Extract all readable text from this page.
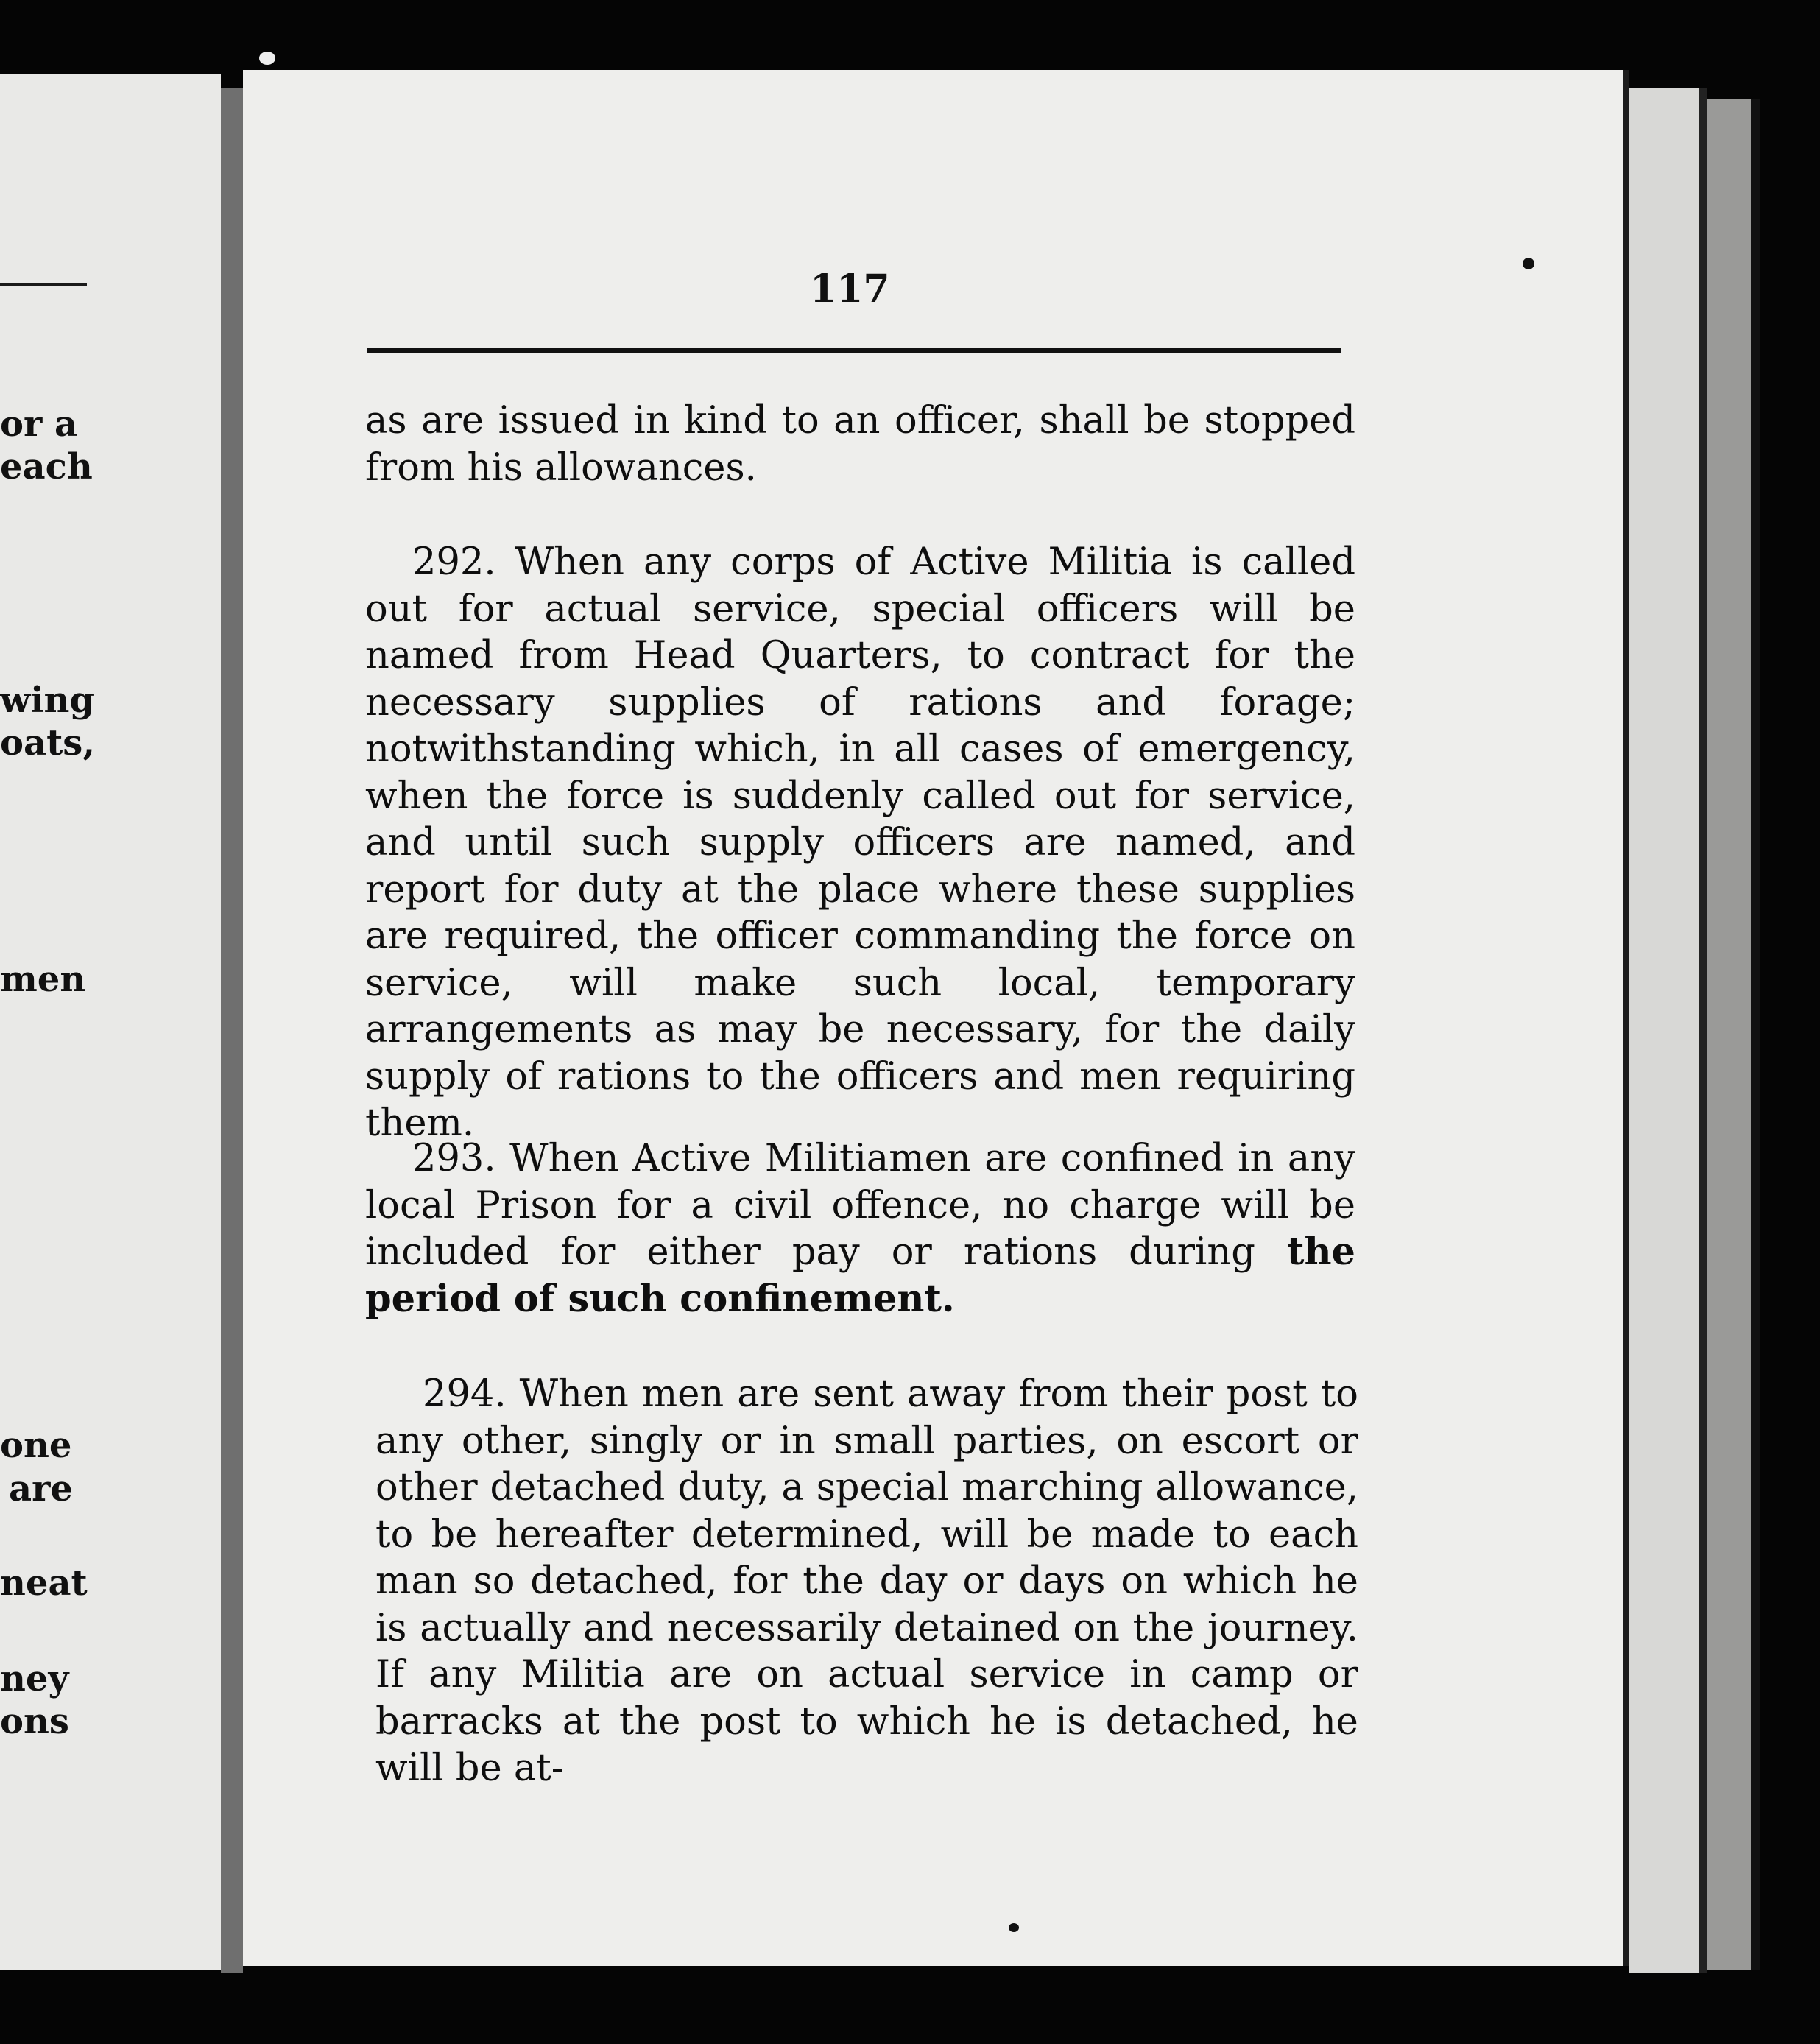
or a
each
wing
oats,
men
one
are
neat
ney
ons
117
as are issued in kind to an officer, shall be stopped from his allowances.
292. When any corps of Active Militia is called out for actual service, special officers will be named from Head Quarters, to contract for the necessary supplies of rations and forage; notwithstanding which, in all cases of emergency, when the force is suddenly called out for service, and until such supply officers are named, and report for duty at the place where these supplies are required, the officer commanding the force on service, will make such local, temporary arrangements as may be necessary, for the daily supply of rations to the officers and men requiring them.
293. When Active Militiamen are confined in any local Prison for a civil offence, no charge will be included for either pay or rations during the period of such confinement.
294. When men are sent away from their post to any other, singly or in small parties, on escort or other detached duty, a special marching allowance, to be hereafter determined, will be made to each man so detached, for the day or days on which he is actually and necessarily detained on the journey. If any Militia are on actual service in camp or barracks at the post to which he is detached, he will be at-
